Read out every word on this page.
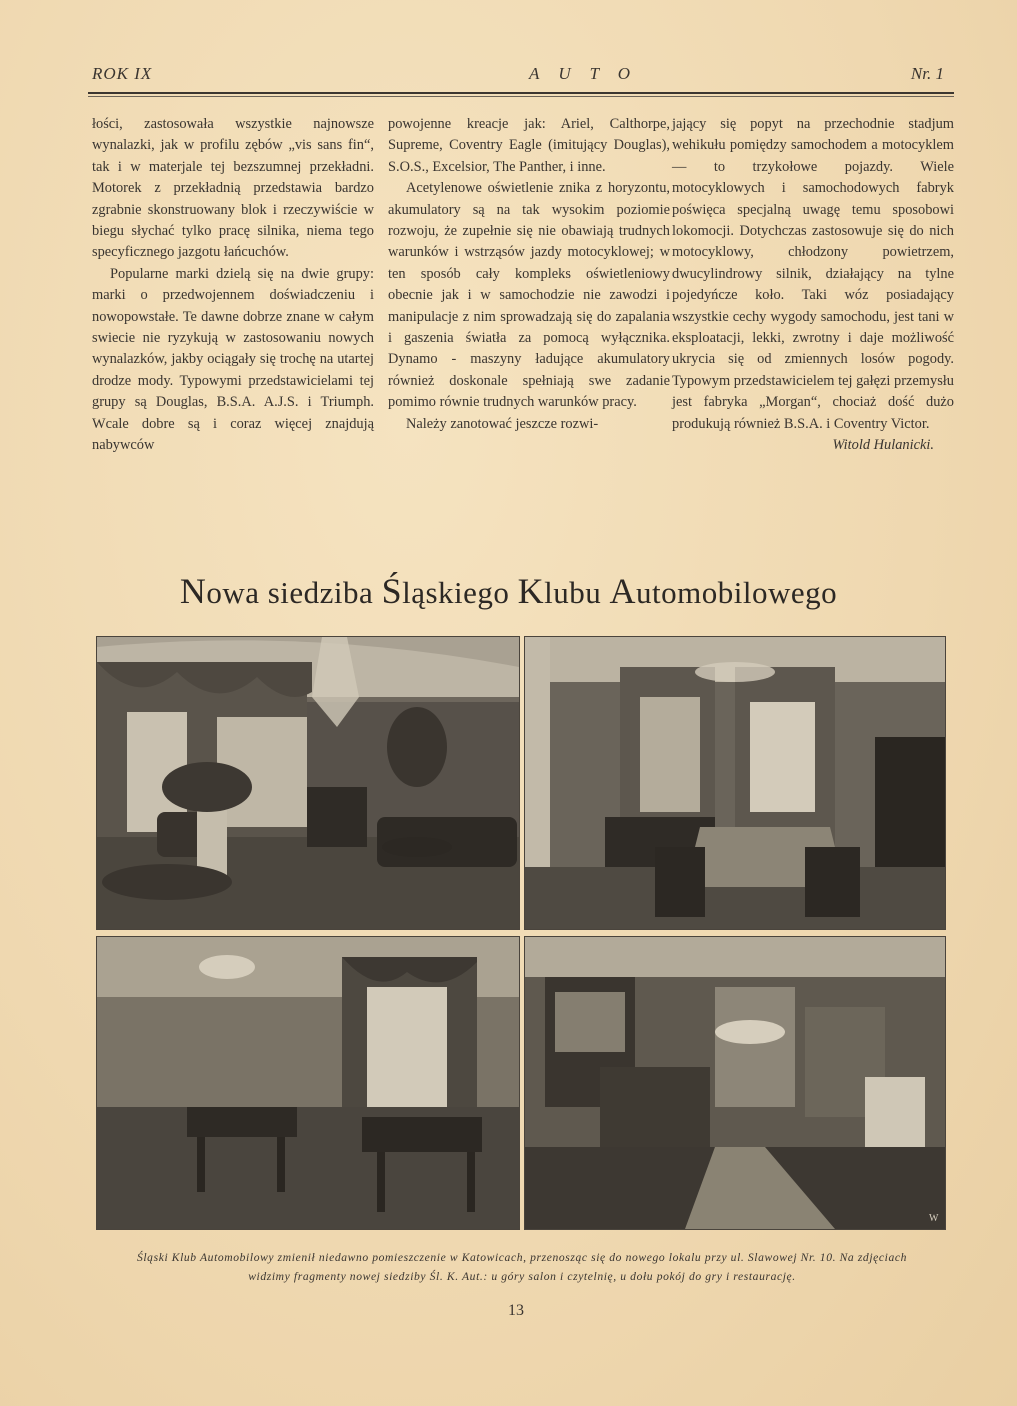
ROK IX	AUTO	Nr. 1

łości, zastosowała wszystkie najnowsze wynalazki, jak w profilu zębów „vis sans fin“, tak i w materjale tej bezszumnej przekładni. Motorek z przekładnią przedstawia bardzo zgrabnie skonstruowany blok i rzeczywiście w biegu słychać tylko pracę silnika, niema tego specyficznego jazgotu łańcuchów.

Popularne marki dzielą się na dwie grupy: marki o przedwojennem doświadczeniu i nowopowstałe. Te dawne dobrze znane w całym swiecie nie ryzykują w zastosowaniu nowych wynalazków, jakby ociągały się trochę na utartej drodze mody. Typowymi przedstawicielami tej grupy są Douglas, B.S.A. A.J.S. i Triumph. Wcale dobre są i coraz więcej znajdują nabywców

powojenne kreacje jak: Ariel, Calthorpe, Supreme, Coventry Eagle (imitujący Douglas), S.O.S., Excelsior, The Panther, i inne.

Acetylenowe oświetlenie znika z horyzontu, akumulatory są na tak wysokim poziomie rozwoju, że zupełnie się nie obawiają trudnych warunków i wstrząsów jazdy motocyklowej; w ten sposób cały kompleks oświetleniowy obecnie jak i w samochodzie nie zawodzi i manipulacje z nim sprowadzają się do zapalania i gaszenia światła za pomocą wyłącznika. Dynamo - maszyny ładujące akumulatory również doskonale spełniają swe zadanie pomimo równie trudnych warunków pracy.

Należy zanotować jeszcze rozwi-

jający się popyt na przechodnie stadjum wehikułu pomiędzy samochodem a motocyklem — to trzykołowe pojazdy. Wiele motocyklowych i samochodowych fabryk poświęca specjalną uwagę temu sposobowi lokomocji. Dotychczas zastosowuje się do nich motocyklowy, chłodzony powietrzem, dwucylindrowy silnik, działający na tylne pojedyńcze koło. Taki wóz posiadający wszystkie cechy wygody samochodu, jest tani w eksploatacji, lekki, zwrotny i daje możliwość ukrycia się od zmiennych losów pogody. Typowym przedstawicielem tej gałęzi przemysłu jest fabryka „Morgan“, chociaż dość dużo produkują również B.S.A. i Coventry Victor.

Witold Hulanicki.

Nowa siedziba Śląskiego Klubu Automobilowego
W
Śląski Klub Automobilowy zmienił niedawno pomieszczenie w Katowicach, przenosząc się do nowego lokalu przy ul. Slawowej Nr. 10. Na zdjęciach
widzimy fragmenty nowej siedziby Śl. K. Aut.: u góry salon i czytelnię, u dołu pokój do gry i restaurację.
13
